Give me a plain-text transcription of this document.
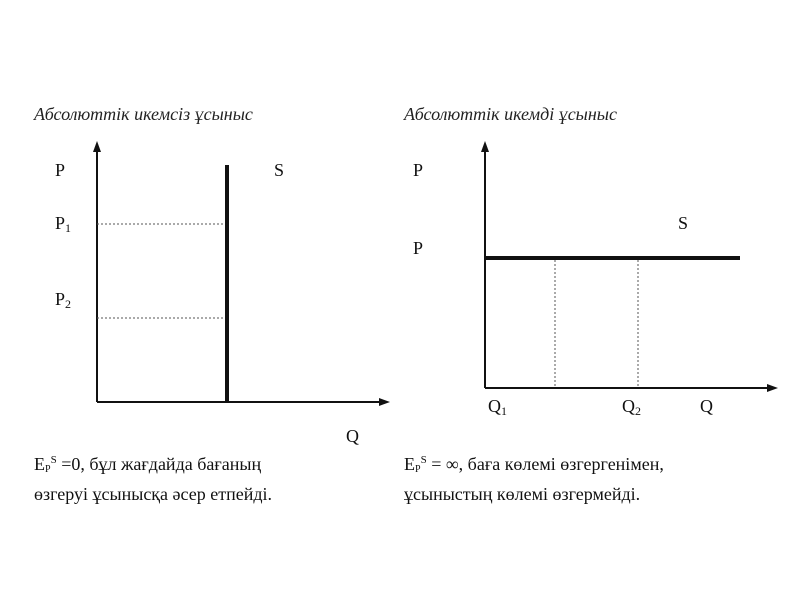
Абсолюттік икемсіз ұсыныс
P
$P_1$
$P_2$
S
Q
$EP^S =0$, бұл жағдайда бағаның
өзгеруі ұсынысқа әсер етпейді.
Абсолюттік икемді ұсыныс
P
P
S
$Q_1$	$Q_2$	Q
$EP^S$ = ∞, баға көлемі өзгергенімен,
ұсыныстың көлемі өзгермейді.
